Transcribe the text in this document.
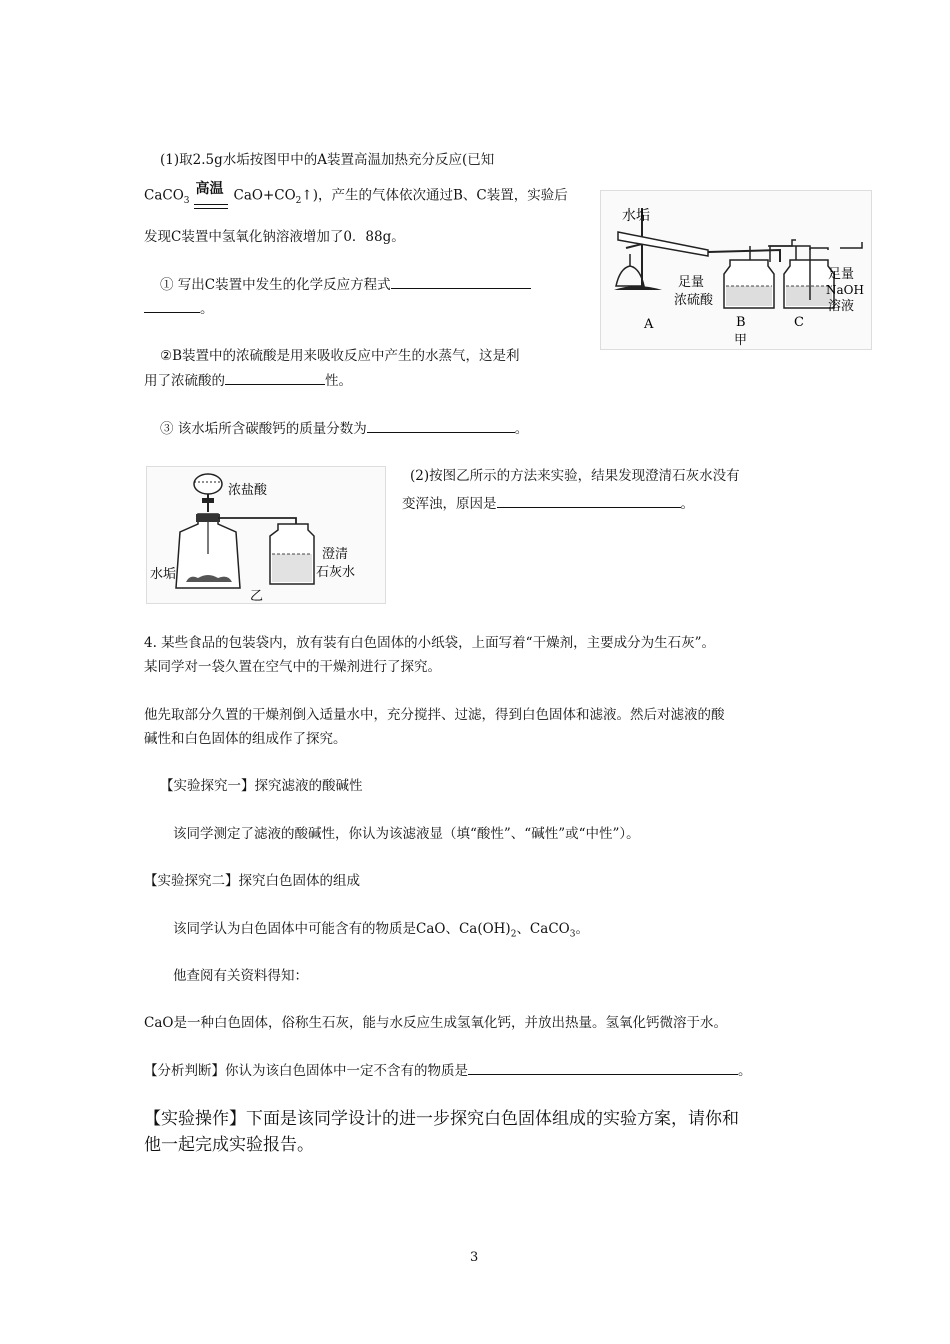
(1)取2.5g水垢按图甲中的A装置高温加热充分反应(已知
CaCO$_3$
高温 $CaO+CO_2↑$)，产生的气体依次通过B、C装置，实验后
发现C装置中氢氧化钠溶液增加了0．88g。
① 写出C装置中发生的化学反应方程式
。
②B装置中的浓硫酸是用来吸收反应中产生的水蒸气，这是利
用了浓硫酸的	性。
③ 该水垢所含碳酸钙的质量分数为	。
水垢
足量
浓硫酸
足量
NaOH
溶液
A	B	C
甲
浓盐酸
澄清
石灰水
水垢
乙
(2)按图乙所示的方法来实验，结果发现澄清石灰水没有
变浑浊，原因是	。
4. 某些食品的包装袋内，放有装有白色固体的小纸袋，上面写着“干燥剂，主要成分为生石灰”。
某同学对一袋久置在空气中的干燥剂进行了探究。
他先取部分久置的干燥剂倒入适量水中，充分搅拌、过滤，得到白色固体和滤液。然后对滤液的酸
碱性和白色固体的组成作了探究。
【实验探究一】探究滤液的酸碱性
该同学测定了滤液的酸碱性，你认为该滤液显（填“酸性”、“碱性”或“中性”）。
【实验探究二】探究白色固体的组成
该同学认为白色固体中可能含有的物质是CaO、$Ca(OH)_2$、CaCO$_3$。
他查阅有关资料得知：
CaO是一种白色固体，俗称生石灰，能与水反应生成氢氧化钙，并放出热量。氢氧化钙微溶于水。
【分析判断】你认为该白色固体中一定不含有的物质是	。
【实验操作】下面是该同学设计的进一步探究白色固体组成的实验方案，请你和
他一起完成实验报告。
3
